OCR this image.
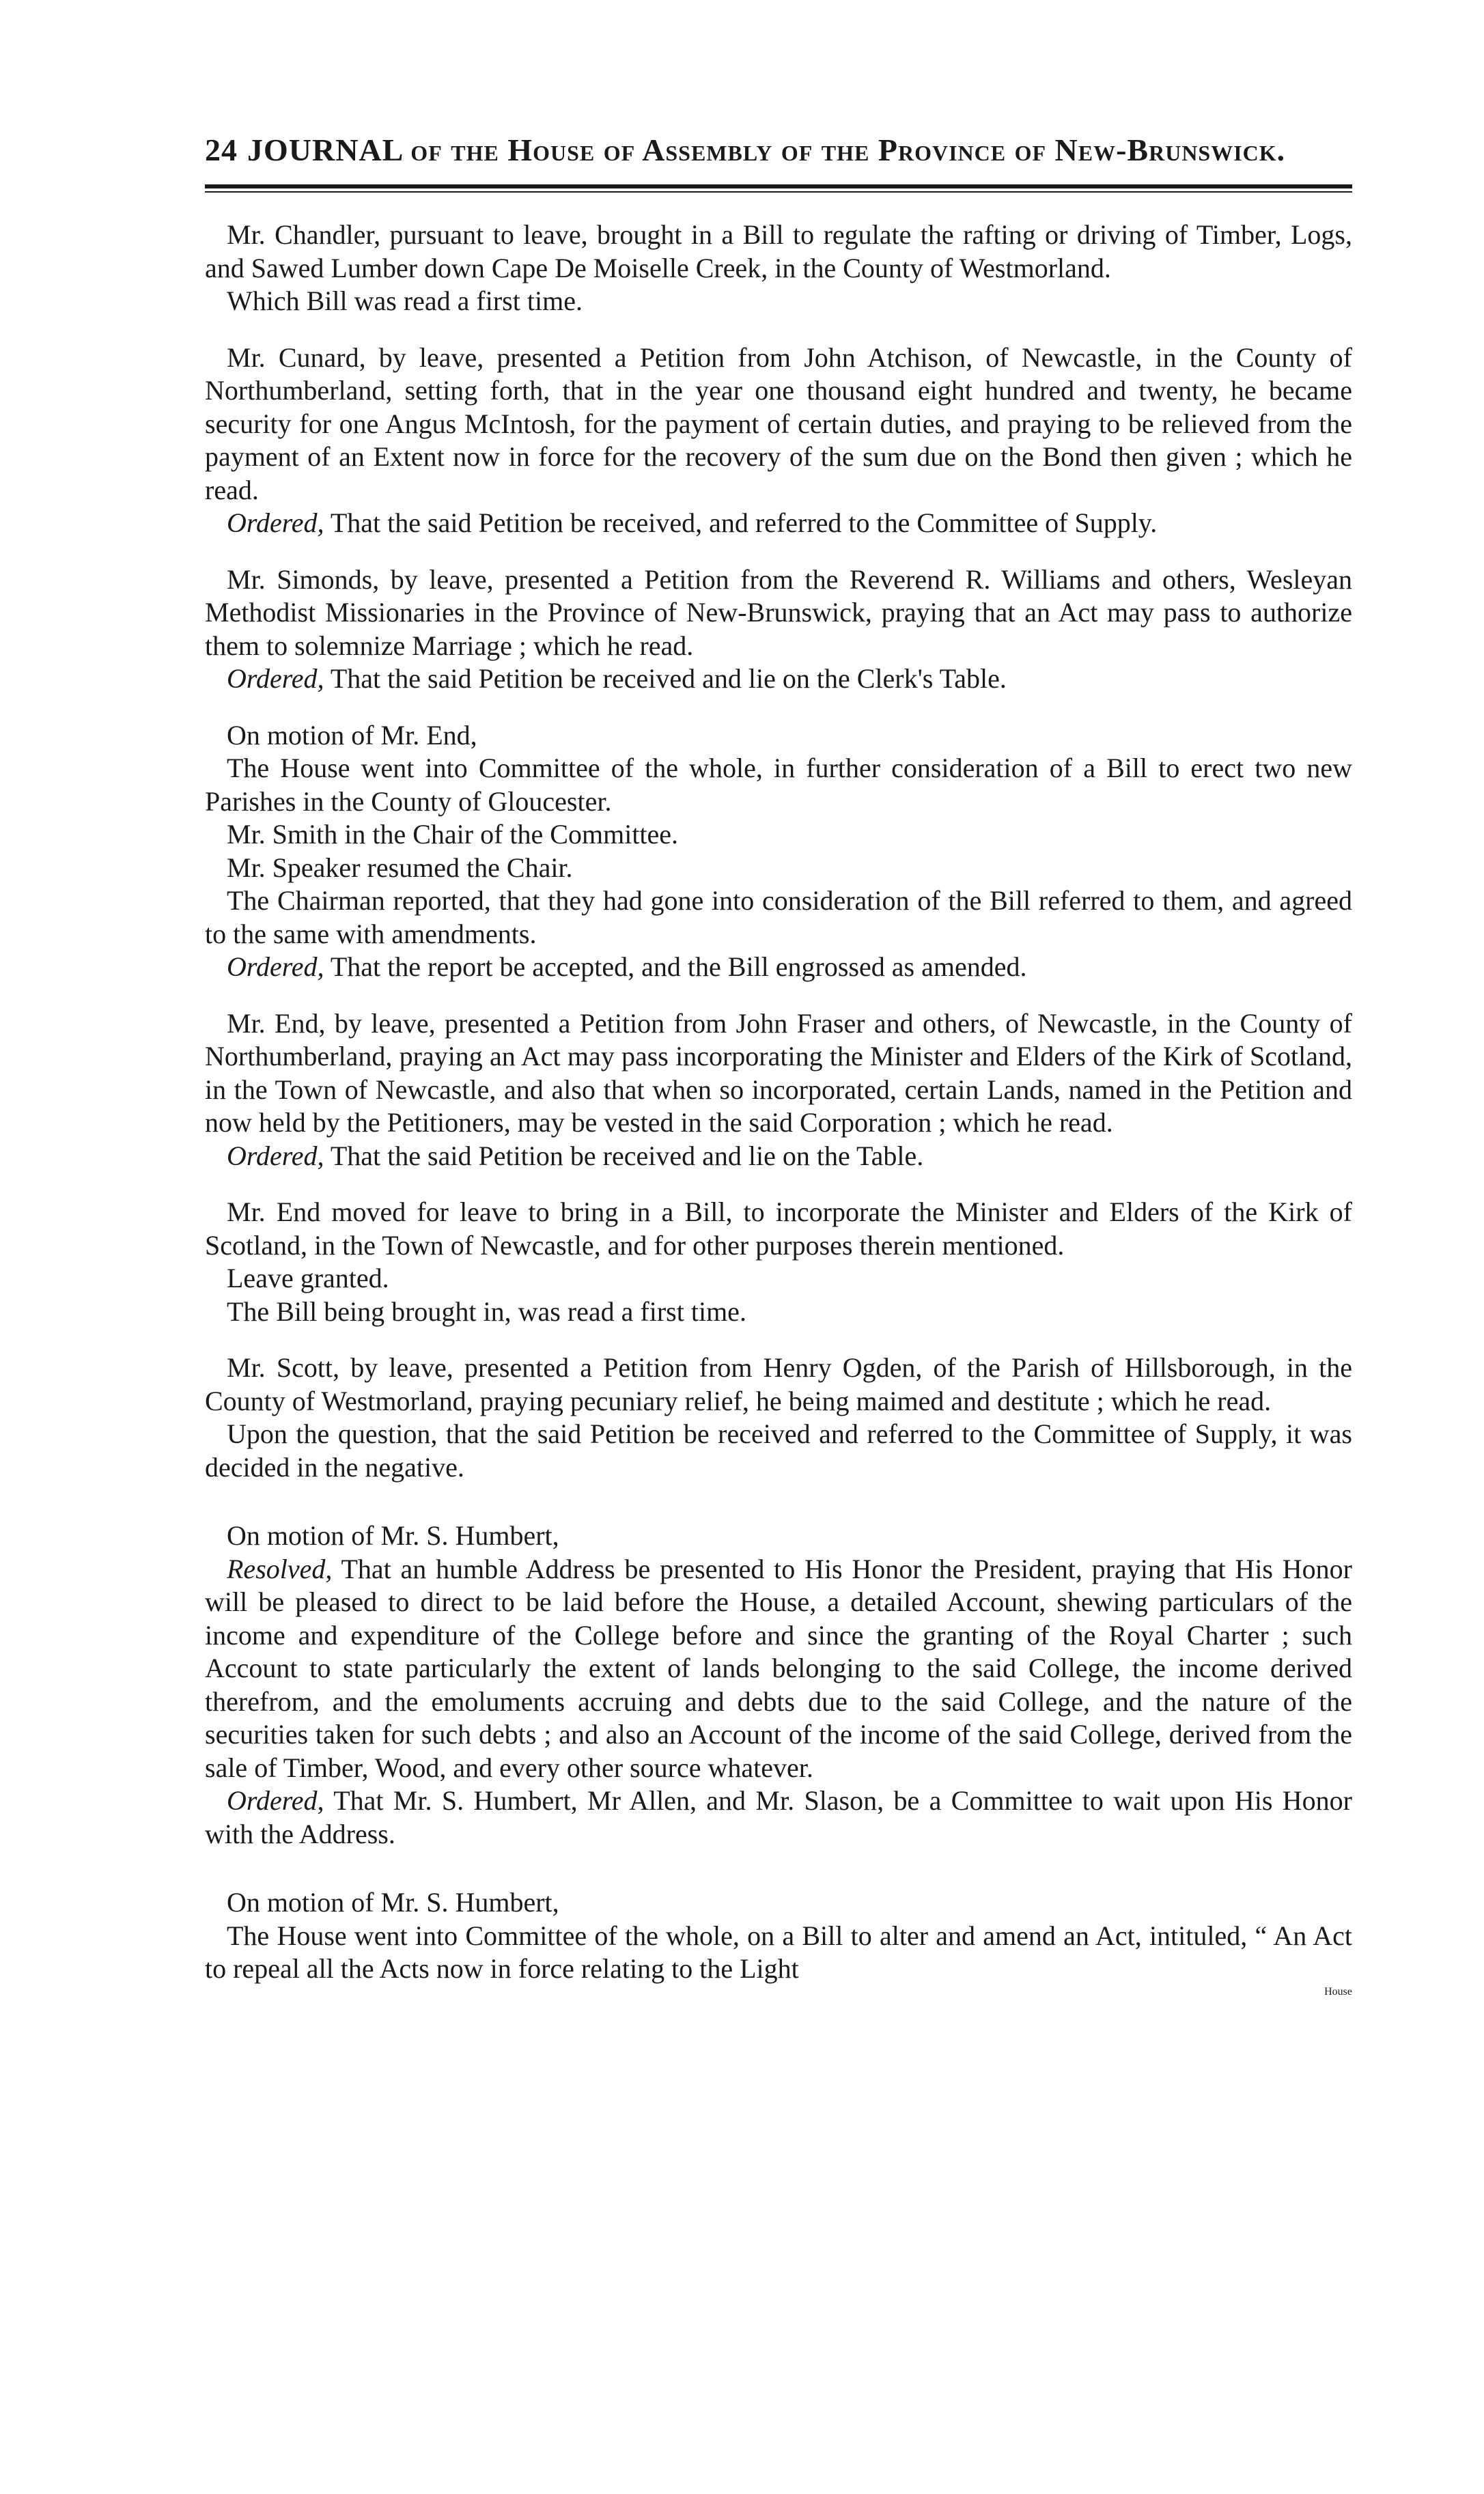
24 JOURNAL of the House of Assembly of the Province of New-Brunswick.

Mr. Chandler, pursuant to leave, brought in a Bill to regulate the rafting or driving of Timber, Logs, and Sawed Lumber down Cape De Moiselle Creek, in the County of Westmorland.

Which Bill was read a first time.

Mr. Cunard, by leave, presented a Petition from John Atchison, of Newcastle, in the County of Northumberland, setting forth, that in the year one thousand eight hundred and twenty, he became security for one Angus McIntosh, for the payment of certain duties, and praying to be relieved from the payment of an Extent now in force for the recovery of the sum due on the Bond then given ; which he read.

Ordered, That the said Petition be received, and referred to the Committee of Supply.

Mr. Simonds, by leave, presented a Petition from the Reverend R. Williams and others, Wesleyan Methodist Missionaries in the Province of New-Brunswick, praying that an Act may pass to authorize them to solemnize Marriage ; which he read.

Ordered, That the said Petition be received and lie on the Clerk's Table.

On motion of Mr. End,

The House went into Committee of the whole, in further consideration of a Bill to erect two new Parishes in the County of Gloucester.

Mr. Smith in the Chair of the Committee.

Mr. Speaker resumed the Chair.

The Chairman reported, that they had gone into consideration of the Bill referred to them, and agreed to the same with amendments.

Ordered, That the report be accepted, and the Bill engrossed as amended.

Mr. End, by leave, presented a Petition from John Fraser and others, of Newcastle, in the County of Northumberland, praying an Act may pass incorporating the Minister and Elders of the Kirk of Scotland, in the Town of Newcastle, and also that when so incorporated, certain Lands, named in the Petition and now held by the Petitioners, may be vested in the said Corporation ; which he read.

Ordered, That the said Petition be received and lie on the Table.

Mr. End moved for leave to bring in a Bill, to incorporate the Minister and Elders of the Kirk of Scotland, in the Town of Newcastle, and for other purposes therein mentioned.

Leave granted.

The Bill being brought in, was read a first time.

Mr. Scott, by leave, presented a Petition from Henry Ogden, of the Parish of Hillsborough, in the County of Westmorland, praying pecuniary relief, he being maimed and destitute ; which he read.

Upon the question, that the said Petition be received and referred to the Committee of Supply, it was decided in the negative.

On motion of Mr. S. Humbert,

Resolved, That an humble Address be presented to His Honor the President, praying that His Honor will be pleased to direct to be laid before the House, a detailed Account, shewing particulars of the income and expenditure of the College before and since the granting of the Royal Charter ; such Account to state particularly the extent of lands belonging to the said College, the income derived therefrom, and the emoluments accruing and debts due to the said College, and the nature of the securities taken for such debts ; and also an Account of the income of the said College, derived from the sale of Timber, Wood, and every other source whatever.

Ordered, That Mr. S. Humbert, Mr Allen, and Mr. Slason, be a Committee to wait upon His Honor with the Address.

On motion of Mr. S. Humbert,

The House went into Committee of the whole, on a Bill to alter and amend an Act, intituled, “ An Act to repeal all the Acts now in force relating to the Light

House
